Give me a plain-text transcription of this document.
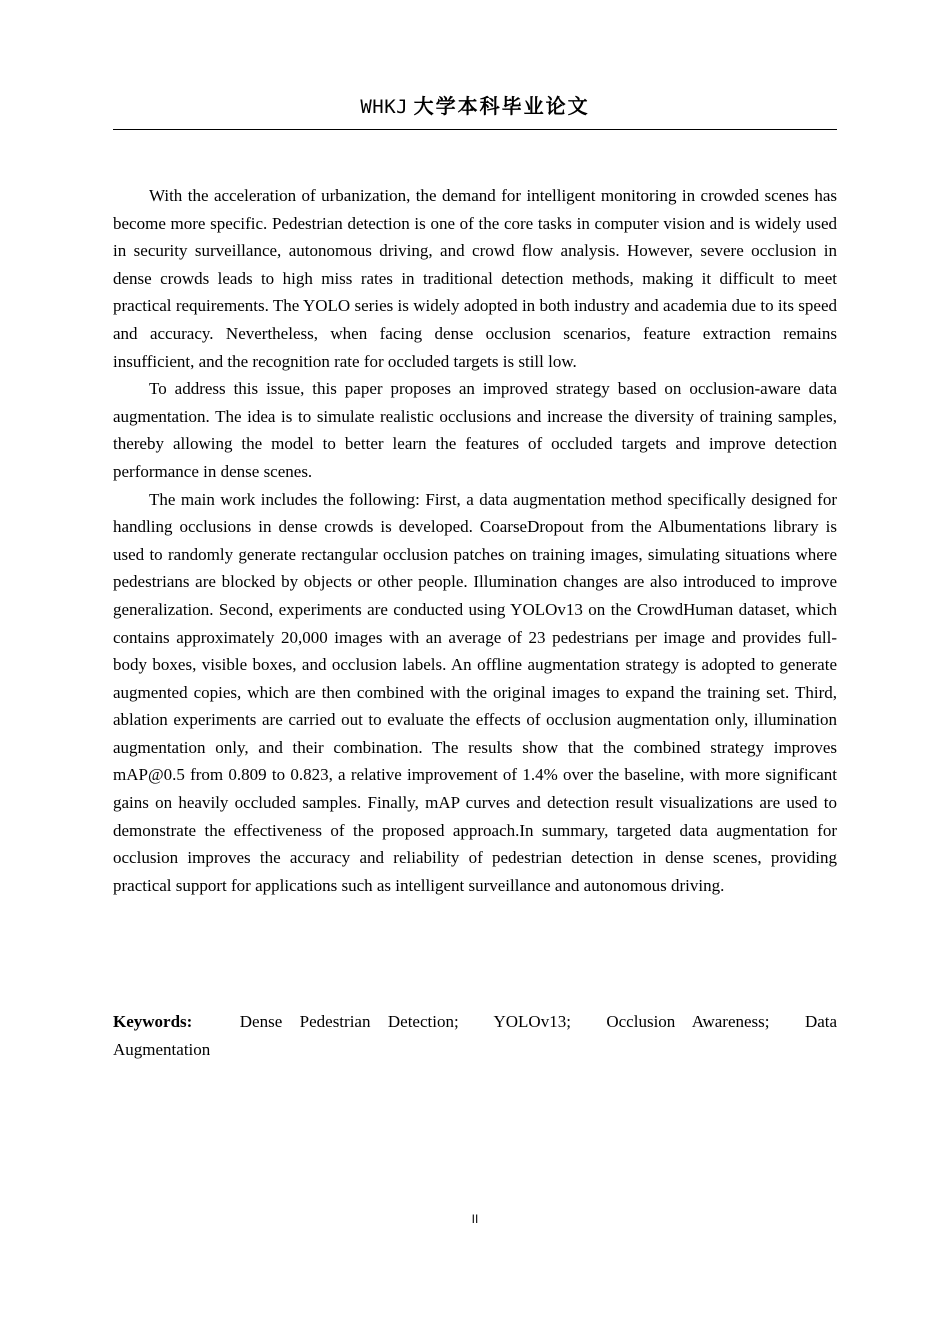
WHKJ 大学本科毕业论文

With the acceleration of urbanization, the demand for intelligent monitoring in crowded scenes has become more specific. Pedestrian detection is one of the core tasks in computer vision and is widely used in security surveillance, autonomous driving, and crowd flow analysis. However, severe occlusion in dense crowds leads to high miss rates in traditional detection methods, making it difficult to meet practical requirements. The YOLO series is widely adopted in both industry and academia due to its speed and accuracy. Nevertheless, when facing dense occlusion scenarios, feature extraction remains insufficient, and the recognition rate for occluded targets is still low.

To address this issue, this paper proposes an improved strategy based on occlusion-aware data augmentation. The idea is to simulate realistic occlusions and increase the diversity of training samples, thereby allowing the model to better learn the features of occluded targets and improve detection performance in dense scenes.

The main work includes the following: First, a data augmentation method specifically designed for handling occlusions in dense crowds is developed. CoarseDropout from the Albumentations library is used to randomly generate rectangular occlusion patches on training images, simulating situations where pedestrians are blocked by objects or other people. Illumination changes are also introduced to improve generalization. Second, experiments are conducted using YOLOv13 on the CrowdHuman dataset, which contains approximately 20,000 images with an average of 23 pedestrians per image and provides full-body boxes, visible boxes, and occlusion labels. An offline augmentation strategy is adopted to generate augmented copies, which are then combined with the original images to expand the training set. Third, ablation experiments are carried out to evaluate the effects of occlusion augmentation only, illumination augmentation only, and their combination. The results show that the combined strategy improves mAP@0.5 from 0.809 to 0.823, a relative improvement of 1.4% over the baseline, with more significant gains on heavily occluded samples. Finally, mAP curves and detection result visualizations are used to demonstrate the effectiveness of the proposed approach.In summary, targeted data augmentation for occlusion improves the accuracy and reliability of pedestrian detection in dense scenes, providing practical support for applications such as intelligent surveillance and autonomous driving.

Keywords:	Dense Pedestrian Detection; YOLOv13; Occlusion Awareness; Data Augmentation
II
